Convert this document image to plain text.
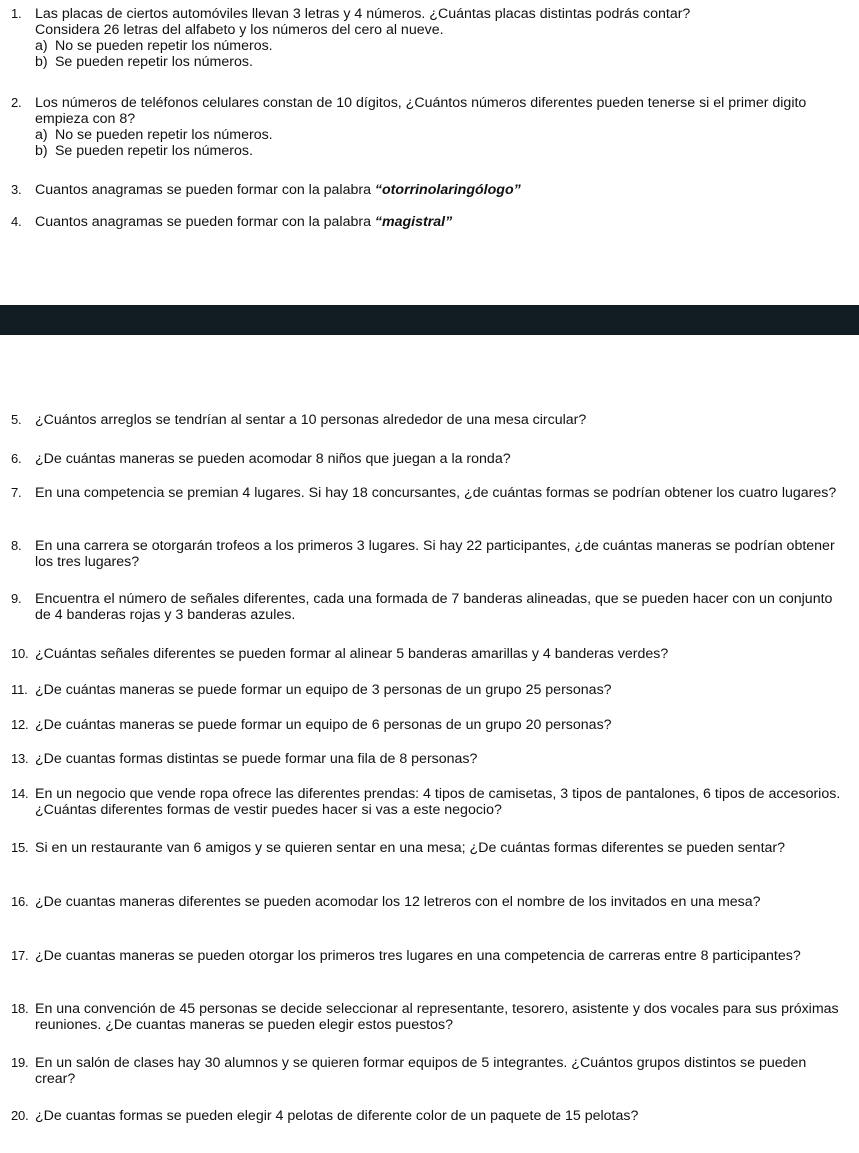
1. Las placas de ciertos automóviles llevan 3 letras y 4 números. ¿Cuántas placas distintas podrás contar?
Considera 26 letras del alfabeto y los números del cero al nueve.
a) No se pueden repetir los números.
b) Se pueden repetir los números.
2. Los números de teléfonos celulares constan de 10 dígitos, ¿Cuántos números diferentes pueden tenerse si el primer digito empieza con 8?
a) No se pueden repetir los números.
b) Se pueden repetir los números.
3. Cuantos anagramas se pueden formar con la palabra “otorrinolaringólogo”
4. Cuantos anagramas se pueden formar con la palabra “magistral”
5. ¿Cuántos arreglos se tendrían al sentar a 10 personas alrededor de una mesa circular?
6. ¿De cuántas maneras se pueden acomodar 8 niños que juegan a la ronda?
7. En una competencia se premian 4 lugares. Si hay 18 concursantes, ¿de cuántas formas se podrían obtener los cuatro lugares?
8. En una carrera se otorgarán trofeos a los primeros 3 lugares. Si hay 22 participantes, ¿de cuántas maneras se podrían obtener los tres lugares?
9. Encuentra el número de señales diferentes, cada una formada de 7 banderas alineadas, que se pueden hacer con un conjunto de 4 banderas rojas y 3 banderas azules.
10. ¿Cuántas señales diferentes se pueden formar al alinear 5 banderas amarillas y 4 banderas verdes?
11. ¿De cuántas maneras se puede formar un equipo de 3 personas de un grupo 25 personas?
12. ¿De cuántas maneras se puede formar un equipo de 6 personas de un grupo 20 personas?
13. ¿De cuantas formas distintas se puede formar una fila de 8 personas?
14. En un negocio que vende ropa ofrece las diferentes prendas: 4 tipos de camisetas, 3 tipos de pantalones, 6 tipos de accesorios. ¿Cuántas diferentes formas de vestir puedes hacer si vas a este negocio?
15. Si en un restaurante van 6 amigos y se quieren sentar en una mesa; ¿De cuántas formas diferentes se pueden sentar?
16. ¿De cuantas maneras diferentes se pueden acomodar los 12 letreros con el nombre de los invitados en una mesa?
17. ¿De cuantas maneras se pueden otorgar los primeros tres lugares en una competencia de carreras entre 8 participantes?
18. En una convención de 45 personas se decide seleccionar al representante, tesorero, asistente y dos vocales para sus próximas reuniones. ¿De cuantas maneras se pueden elegir estos puestos?
19. En un salón de clases hay 30 alumnos y se quieren formar equipos de 5 integrantes. ¿Cuántos grupos distintos se pueden crear?
20. ¿De cuantas formas se pueden elegir 4 pelotas de diferente color de un paquete de 15 pelotas?
